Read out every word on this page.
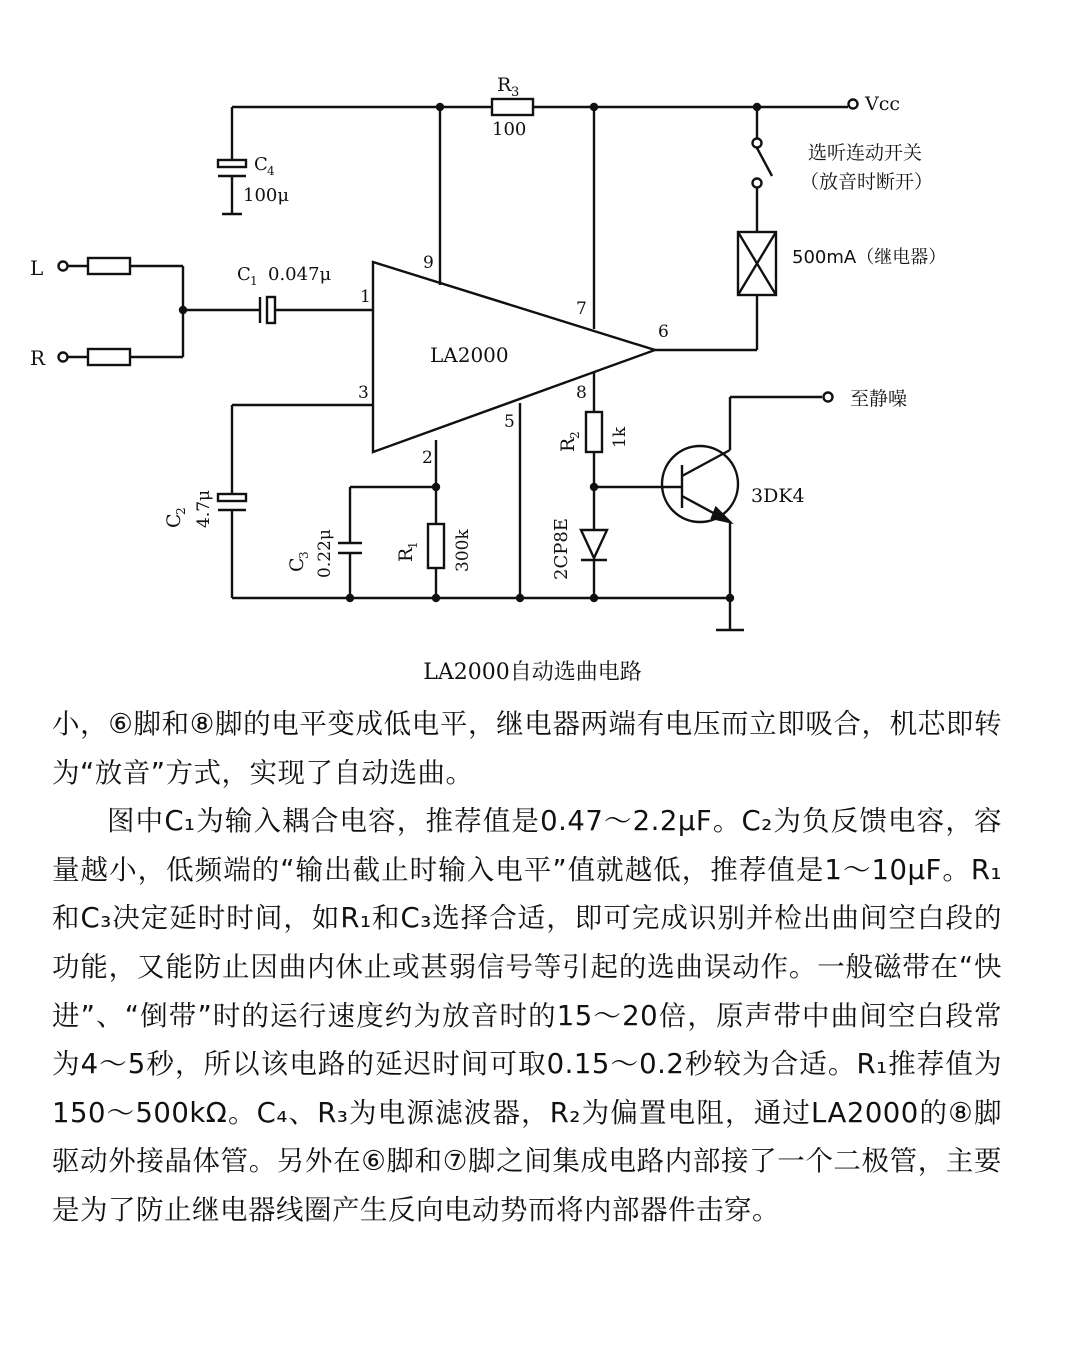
R 3
100
Vcc
C 4
100μ
选听连动开关
（放音时断开）
500mA（继电器）
L
R
C 1 0.047μ
LA2000
1
2
3
5
6
7
8
9
C
2 4.7μ
C
3 0.22μ	R
1 300k
R
2 1k
2CP8E
3DK4
至静噪
LA2000自动选曲电路

小，⑥脚和⑧脚的电平变成低电平，继电器两端有电压而立即吸合，机芯即转为“放音”方式，实现了自动选曲。

图中C₁为输入耦合电容，推荐值是0.47～2.2μF。C₂为负反馈电容，容量越小，低频端的“输出截止时输入电平”值就越低，推荐值是1～10μF。R₁和C₃决定延时时间，如R₁和C₃选择合适，即可完成识别并检出曲间空白段的功能，又能防止因曲内休止或甚弱信号等引起的选曲误动作。一般磁带在“快进”、“倒带”时的运行速度约为放音时的15～20倍，原声带中曲间空白段常为4～5秒，所以该电路的延迟时间可取0.15～0.2秒较为合适。R₁推荐值为150～500kΩ。C₄、R₃为电源滤波器，R₂为偏置电阻，通过LA2000的⑧脚驱动外接晶体管。另外在⑥脚和⑦脚之间集成电路内部接了一个二极管，主要是为了防止继电器线圈产生反向电动势而将内部器件击穿。
